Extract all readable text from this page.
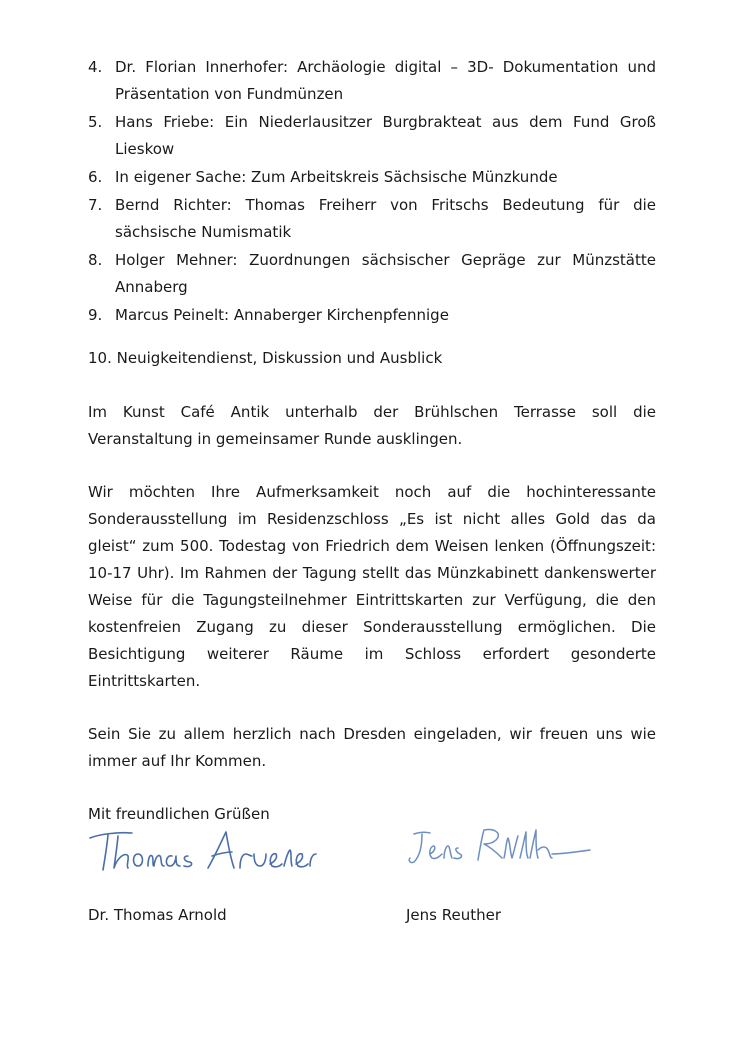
4. Dr. Florian Innerhofer: Archäologie digital – 3D- Dokumentation und Präsentation von Fundmünzen
5. Hans Friebe: Ein Niederlausitzer Burgbrakteat aus dem Fund Groß Lieskow
6. In eigener Sache: Zum Arbeitskreis Sächsische Münzkunde
7. Bernd Richter: Thomas Freiherr von Fritschs Bedeutung für die sächsische Numismatik
8. Holger Mehner: Zuordnungen sächsischer Gepräge zur Münzstätte Annaberg
9. Marcus Peinelt: Annaberger Kirchenpfennige
10. Neuigkeitendienst, Diskussion und Ausblick

Im Kunst Café Antik unterhalb der Brühlschen Terrasse soll die Veranstaltung in gemeinsamer Runde ausklingen.

Wir möchten Ihre Aufmerksamkeit noch auf die hochinteressante Sonderausstellung im Residenzschloss „Es ist nicht alles Gold das da gleist“ zum 500. Todestag von Friedrich dem Weisen lenken (Öffnungszeit: 10-17 Uhr). Im Rahmen der Tagung stellt das Münzkabinett dankenswerter Weise für die Tagungsteilnehmer Eintrittskarten zur Verfügung, die den kostenfreien Zugang zu dieser Sonderausstellung ermöglichen. Die Besichtigung weiterer Räume im Schloss erfordert gesonderte Eintrittskarten.

Sein Sie zu allem herzlich nach Dresden eingeladen, wir freuen uns wie immer auf Ihr Kommen.

Mit freundlichen Grüßen

Dr. Thomas Arnold	Jens Reuther
